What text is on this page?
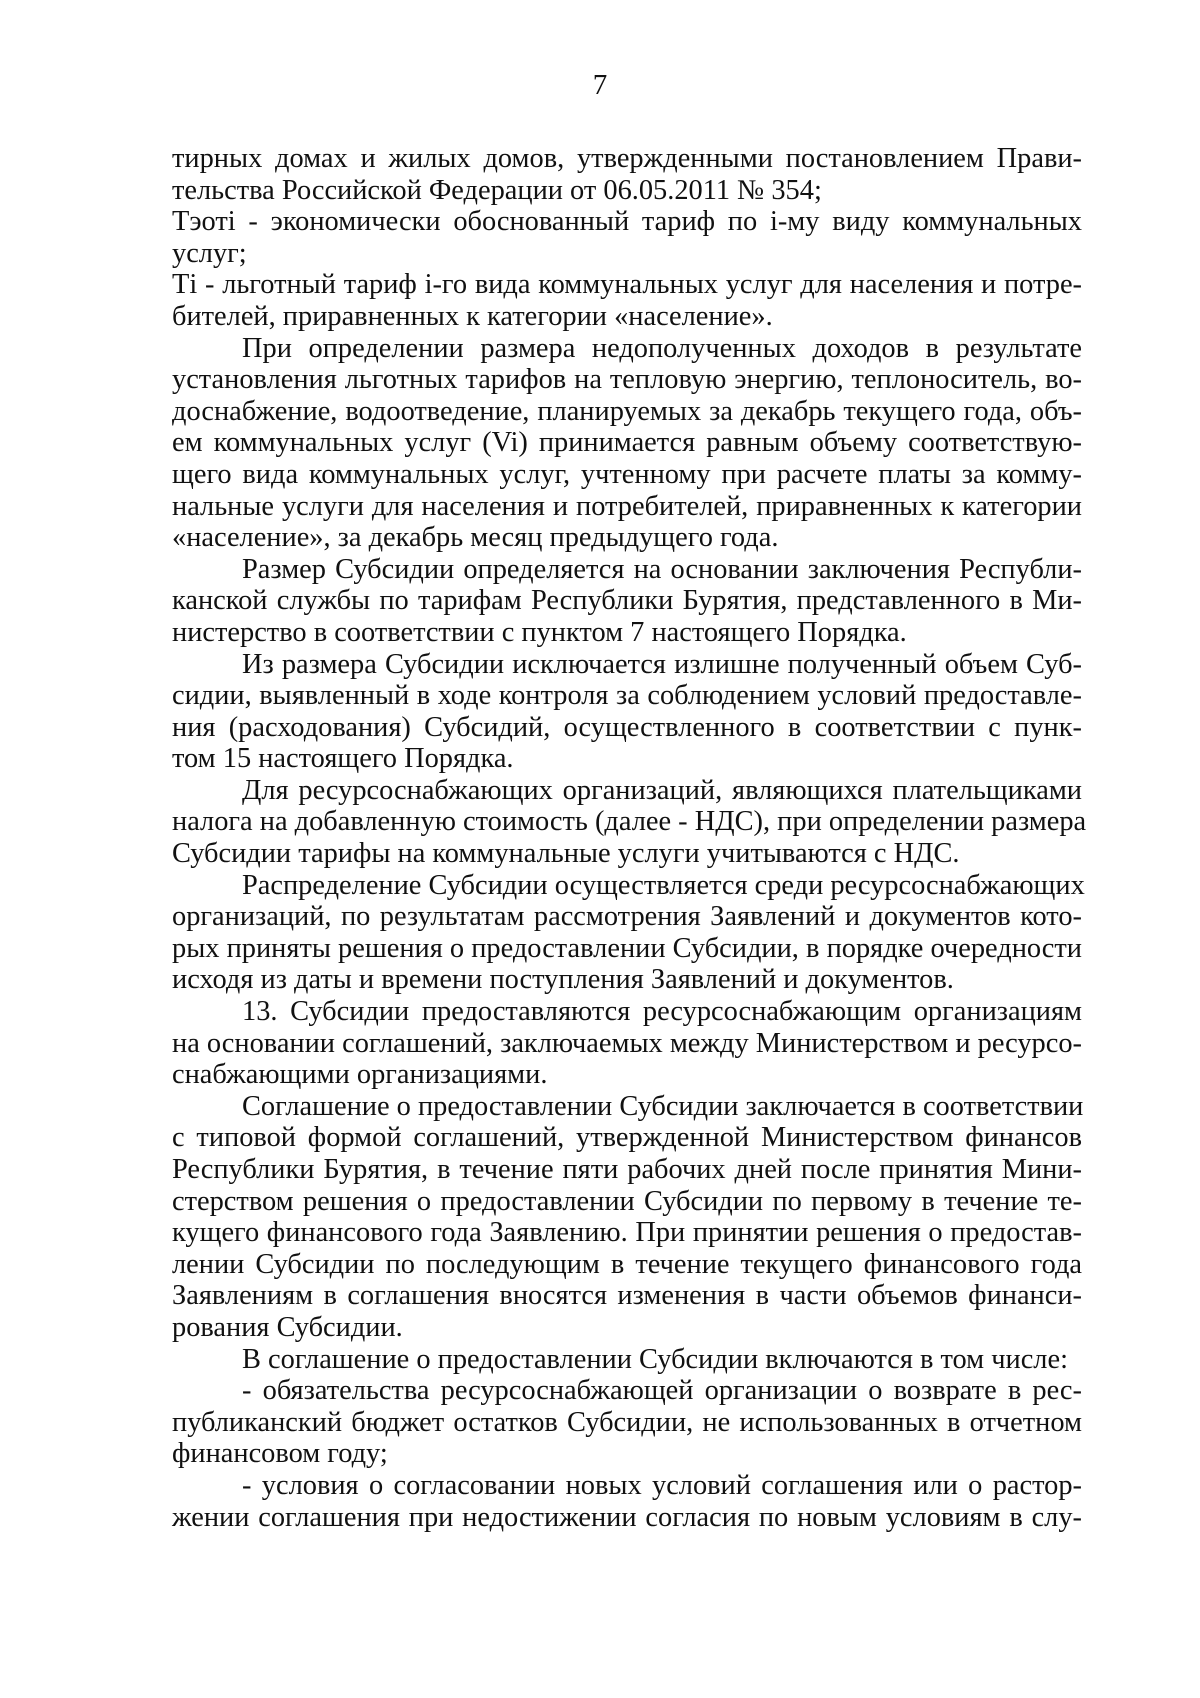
7
тирных домах и жилых домов, утвержденными постановлением Прави-
тельства Российской Федерации от 06.05.2011 № 354;
Тэоті - экономически обоснованный тариф по і-му виду коммунальных
услуг;
Ті - льготный тариф і-го вида коммунальных услуг для населения и потре-
бителей, приравненных к категории «население».
При определении размера недополученных доходов в результате
установления льготных тарифов на тепловую энергию, теплоноситель, во-
доснабжение, водоотведение, планируемых за декабрь текущего года, объ-
ем коммунальных услуг (Vi) принимается равным объему соответствую-
щего вида коммунальных услуг, учтенному при расчете платы за комму-
нальные услуги для населения и потребителей, приравненных к категории
«население», за декабрь месяц предыдущего года.
Размер Субсидии определяется на основании заключения Республи-
канской службы по тарифам Республики Бурятия, представленного в Ми-
нистерство в соответствии с пунктом 7 настоящего Порядка.
Из размера Субсидии исключается излишне полученный объем Суб-
сидии, выявленный в ходе контроля за соблюдением условий предоставле-
ния (расходования) Субсидий, осуществленного в соответствии с пунк-
том 15 настоящего Порядка.
Для ресурсоснабжающих организаций, являющихся плательщиками
налога на добавленную стоимость (далее - НДС), при определении размера
Субсидии тарифы на коммунальные услуги учитываются с НДС.
Распределение Субсидии осуществляется среди ресурсоснабжающих
организаций, по результатам рассмотрения Заявлений и документов кото-
рых приняты решения о предоставлении Субсидии, в порядке очередности
исходя из даты и времени поступления Заявлений и документов.
13. Субсидии предоставляются ресурсоснабжающим организациям
на основании соглашений, заключаемых между Министерством и ресурсо-
снабжающими организациями.
Соглашение о предоставлении Субсидии заключается в соответствии
с типовой формой соглашений, утвержденной Министерством финансов
Республики Бурятия, в течение пяти рабочих дней после принятия Мини-
стерством решения о предоставлении Субсидии по первому в течение те-
кущего финансового года Заявлению. При принятии решения о предостав-
лении Субсидии по последующим в течение текущего финансового года
Заявлениям в соглашения вносятся изменения в части объемов финанси-
рования Субсидии.
В соглашение о предоставлении Субсидии включаются в том числе:
- обязательства ресурсоснабжающей организации о возврате в рес-
публиканский бюджет остатков Субсидии, не использованных в отчетном
финансовом году;
- условия о согласовании новых условий соглашения или о растор-
жении соглашения при недостижении согласия по новым условиям в слу-
